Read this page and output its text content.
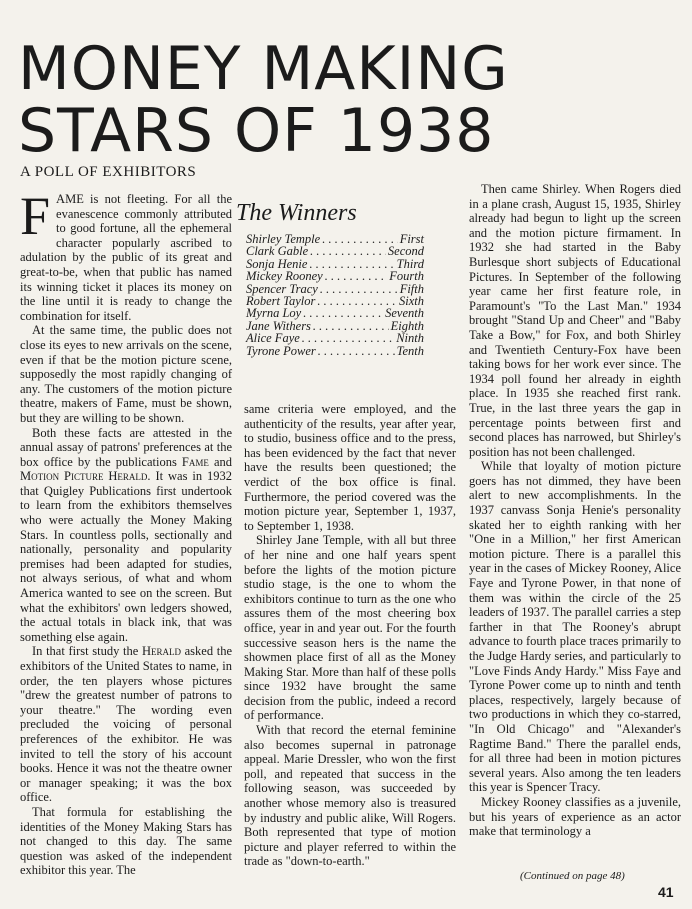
MONEY MAKING
STARS OF 1938

A POLL OF EXHIBITORS

FAME is not fleeting. For all the evanescence commonly attributed to good fortune, all the ephemeral character popularly ascribed to adulation by the public of its great and great-to-be, when that public has named its winning ticket it places its money on the line until it is ready to change the combination for itself.

At the same time, the public does not close its eyes to new arrivals on the scene, even if that be the motion picture scene, supposedly the most rapidly changing of any. The customers of the motion picture theatre, makers of Fame, must be shown, but they are willing to be shown.

Both these facts are attested in the annual assay of patrons' preferences at the box office by the publications Fame and Motion Picture Herald. It was in 1932 that Quigley Publications first undertook to learn from the exhibitors themselves who were actually the Money Making Stars. In countless polls, sectionally and nationally, personality and popularity premises had been adapted for studies, not always serious, of what and whom America wanted to see on the screen. But what the exhibitors' own ledgers showed, the actual totals in black ink, that was something else again.

In that first study the Herald asked the exhibitors of the United States to name, in order, the ten players whose pictures "drew the greatest number of patrons to your theatre." The wording even precluded the voicing of personal preferences of the exhibitor. He was invited to tell the story of his account books. Hence it was not the theatre owner or manager speaking; it was the box office.

That formula for establishing the identities of the Money Making Stars has not changed to this day. The same question was asked of the independent exhibitor this year. The

The Winners
Shirley Temple . . .	First
Clark Gable . . .	Second
Sonja Henie . . .	Third
Mickey Rooney . . .	Fourth
Spencer Tracy . . .	Fifth
Robert Taylor . . .	Sixth
Myrna Loy . . .	Seventh
Jane Withers . . .	Eighth
Alice Faye . . .	Ninth
Tyrone Power . . .	Tenth

same criteria were employed, and the authenticity of the results, year after year, to studio, business office and to the press, has been evidenced by the fact that never have the results been questioned; the verdict of the box office is final. Furthermore, the period covered was the motion picture year, September 1, 1937, to September 1, 1938.

Shirley Jane Temple, with all but three of her nine and one half years spent before the lights of the motion picture studio stage, is the one to whom the exhibitors continue to turn as the one who assures them of the most cheering box office, year in and year out. For the fourth successive season hers is the name the showmen place first of all as the Money Making Star. More than half of these polls since 1932 have brought the same decision from the public, indeed a record of performance.

With that record the eternal feminine also becomes supernal in patronage appeal. Marie Dressler, who won the first poll, and repeated that success in the following season, was succeeded by another whose memory also is treasured by industry and public alike, Will Rogers. Both represented that type of motion picture and player referred to within the trade as "down-to-earth."

Then came Shirley. When Rogers died in a plane crash, August 15, 1935, Shirley already had begun to light up the screen and the motion picture firmament. In 1932 she had started in the Baby Burlesque short subjects of Educational Pictures. In September of the following year came her first feature role, in Paramount's "To the Last Man." 1934 brought "Stand Up and Cheer" and "Baby Take a Bow," for Fox, and both Shirley and Twentieth Century-Fox have been taking bows for her work ever since. The 1934 poll found her already in eighth place. In 1935 she reached first rank. True, in the last three years the gap in percentage points between first and second places has narrowed, but Shirley's position has not been challenged.

While that loyalty of motion picture goers has not dimmed, they have been alert to new accomplishments. In the 1937 canvass Sonja Henie's personality skated her to eighth ranking with her "One in a Million," her first American motion picture. There is a parallel this year in the cases of Mickey Rooney, Alice Faye and Tyrone Power, in that none of them was within the circle of the 25 leaders of 1937. The parallel carries a step farther in that The Rooney's abrupt advance to fourth place traces primarily to the Judge Hardy series, and particularly to "Love Finds Andy Hardy." Miss Faye and Tyrone Power come up to ninth and tenth places, respectively, largely because of two productions in which they co-starred, "In Old Chicago" and "Alexander's Ragtime Band." There the parallel ends, for all three had been in motion pictures several years. Also among the ten leaders this year is Spencer Tracy.

Mickey Rooney classifies as a juvenile, but his years of experience as an actor make that terminology a

(Continued on page 48)
41
